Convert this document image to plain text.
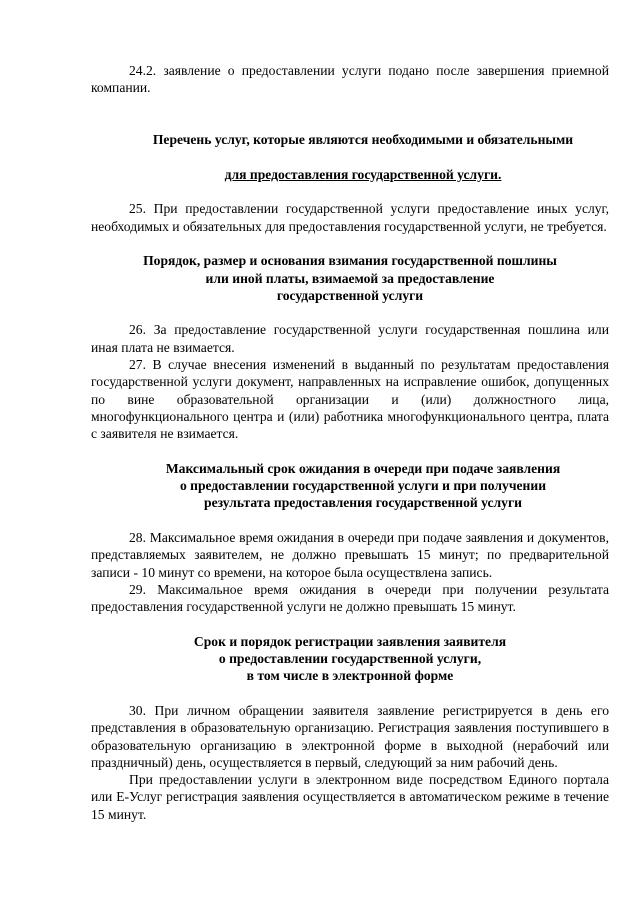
24.2. заявление о предоставлении услуги подано после завершения приемной компании.

Перечень услуг, которые являются необходимыми и обязательными

для предоставления государственной услуги.

25. При предоставлении государственной услуги предоставление иных услуг, необходимых и обязательных для предоставления государственной услуги, не требуется.

Порядок, размер и основания взимания государственной пошлины
или иной платы, взимаемой за предоставление
государственной услуги

26. За предоставление государственной услуги государственная пошлина или иная плата не взимается.

27. В случае внесения изменений в выданный по результатам предоставления государственной услуги документ, направленных на исправление ошибок, допущенных по вине образовательной организации и (или) должностного лица, многофункционального центра и (или) работника многофункционального центра, плата с заявителя не взимается.

Максимальный срок ожидания в очереди при подаче заявления
о предоставлении государственной услуги и при получении
результата предоставления государственной услуги

28. Максимальное время ожидания в очереди при подаче заявления и документов, представляемых заявителем, не должно превышать 15 минут; по предварительной записи - 10 минут со времени, на которое была осуществлена запись.

29. Максимальное время ожидания в очереди при получении результата предоставления государственной услуги не должно превышать 15 минут.

Срок и порядок регистрации заявления заявителя
о предоставлении государственной услуги,
в том числе в электронной форме

30. При личном обращении заявителя заявление регистрируется в день его представления в образовательную организацию. Регистрация заявления поступившего в образовательную организацию в электронной форме в выходной (нерабочий или праздничный) день, осуществляется в первый, следующий за ним рабочий день.

При предоставлении услуги в электронном виде посредством Единого портала или Е-Услуг регистрация заявления осуществляется в автоматическом режиме в течение 15 минут.
